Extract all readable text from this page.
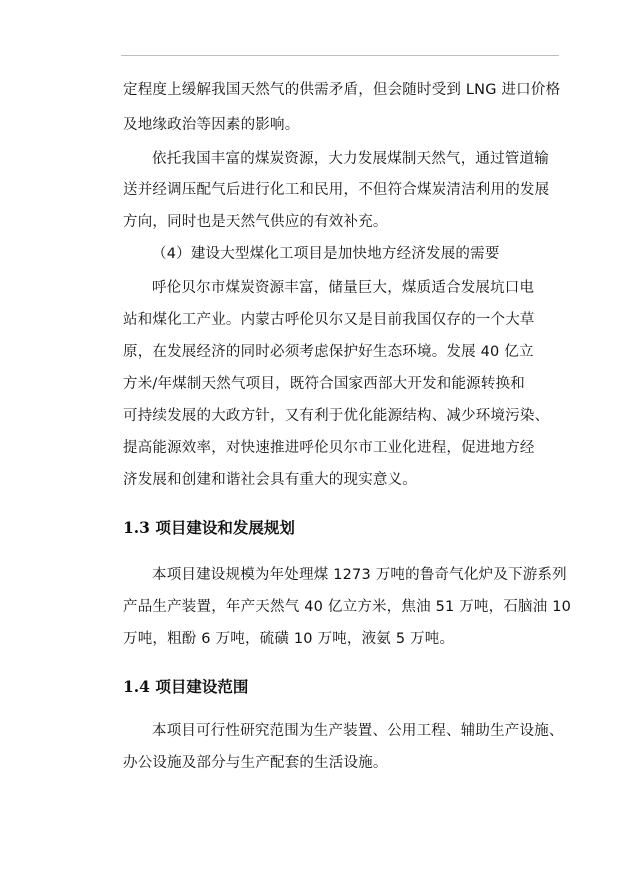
定程度上缓解我国天然气的供需矛盾，但会随时受到 LNG 进口价格
及地缘政治等因素的影响。
依托我国丰富的煤炭资源，大力发展煤制天然气，通过管道输
送并经调压配气后进行化工和民用，不但符合煤炭清洁利用的发展
方向，同时也是天然气供应的有效补充。
（4）建设大型煤化工项目是加快地方经济发展的需要
呼伦贝尔市煤炭资源丰富，储量巨大，煤质适合发展坑口电
站和煤化工产业。内蒙古呼伦贝尔又是目前我国仅存的一个大草
原，在发展经济的同时必须考虑保护好生态环境。发展 40 亿立
方米/年煤制天然气项目，既符合国家西部大开发和能源转换和
可持续发展的大政方针，又有利于优化能源结构、减少环境污染、
提高能源效率，对快速推进呼伦贝尔市工业化进程，促进地方经
济发展和创建和谐社会具有重大的现实意义。
1.3 项目建设和发展规划
本项目建设规模为年处理煤 1273 万吨的鲁奇气化炉及下游系列
产品生产装置，年产天然气 40 亿立方米，焦油 51 万吨，石脑油 10
万吨，粗酚 6 万吨，硫磺 10 万吨，液氨 5 万吨。
1.4 项目建设范围
本项目可行性研究范围为生产装置、公用工程、辅助生产设施、
办公设施及部分与生产配套的生活设施。
